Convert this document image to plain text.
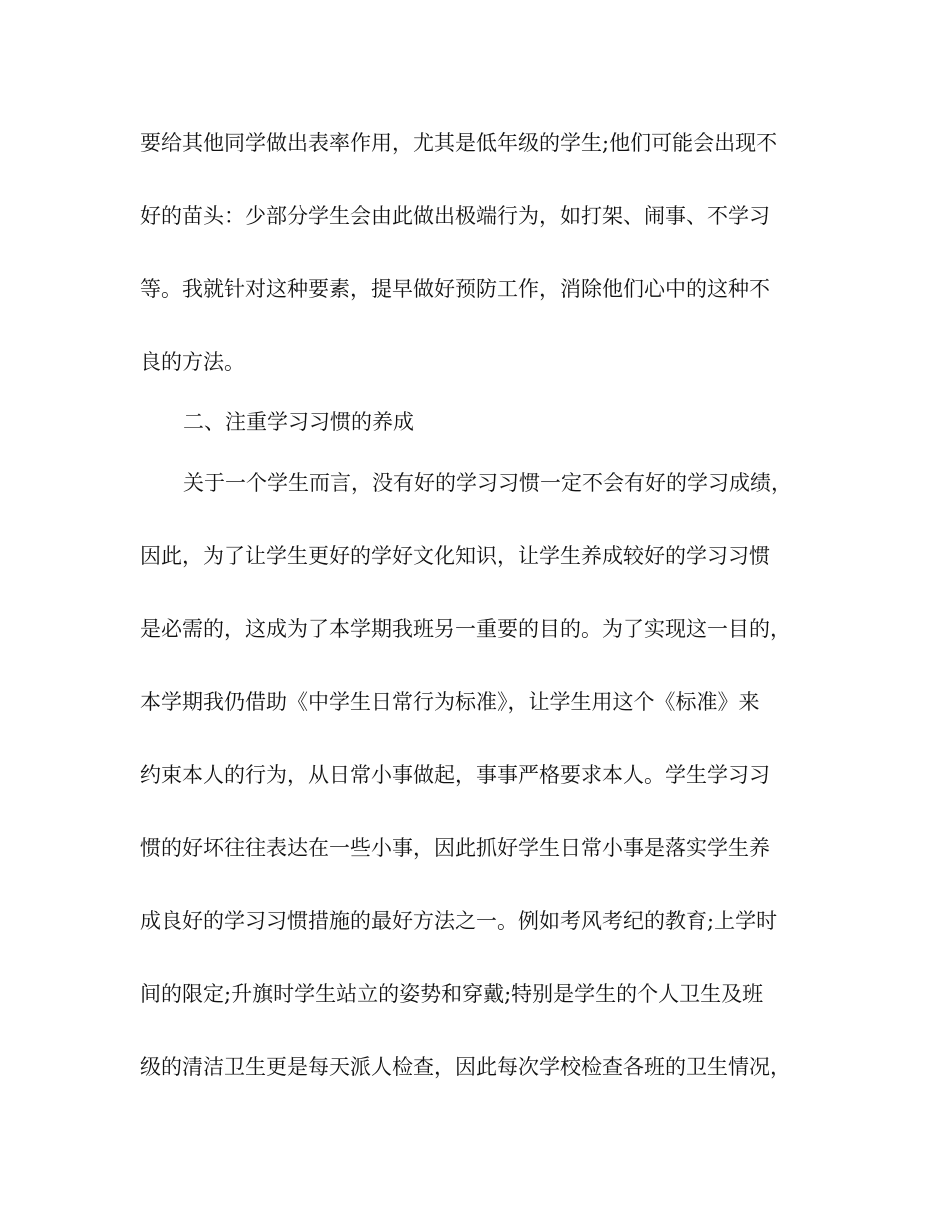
要给其他同学做出表率作用，尤其是低年级的学生;他们可能会出现不

好的苗头：少部分学生会由此做出极端行为，如打架、闹事、不学习

等。我就针对这种要素，提早做好预防工作，消除他们心中的这种不

良的方法。

二、注重学习习惯的养成

关于一个学生而言，没有好的学习习惯一定不会有好的学习成绩，

因此，为了让学生更好的学好文化知识，让学生养成较好的学习习惯

是必需的，这成为了本学期我班另一重要的目的。为了实现这一目的，

本学期我仍借助《中学生日常行为标准》，让学生用这个《标准》来

约束本人的行为，从日常小事做起，事事严格要求本人。学生学习习

惯的好坏往往表达在一些小事，因此抓好学生日常小事是落实学生养

成良好的学习习惯措施的最好方法之一。例如考风考纪的教育;上学时

间的限定;升旗时学生站立的姿势和穿戴;特别是学生的个人卫生及班

级的清洁卫生更是每天派人检查，因此每次学校检查各班的卫生情况，
